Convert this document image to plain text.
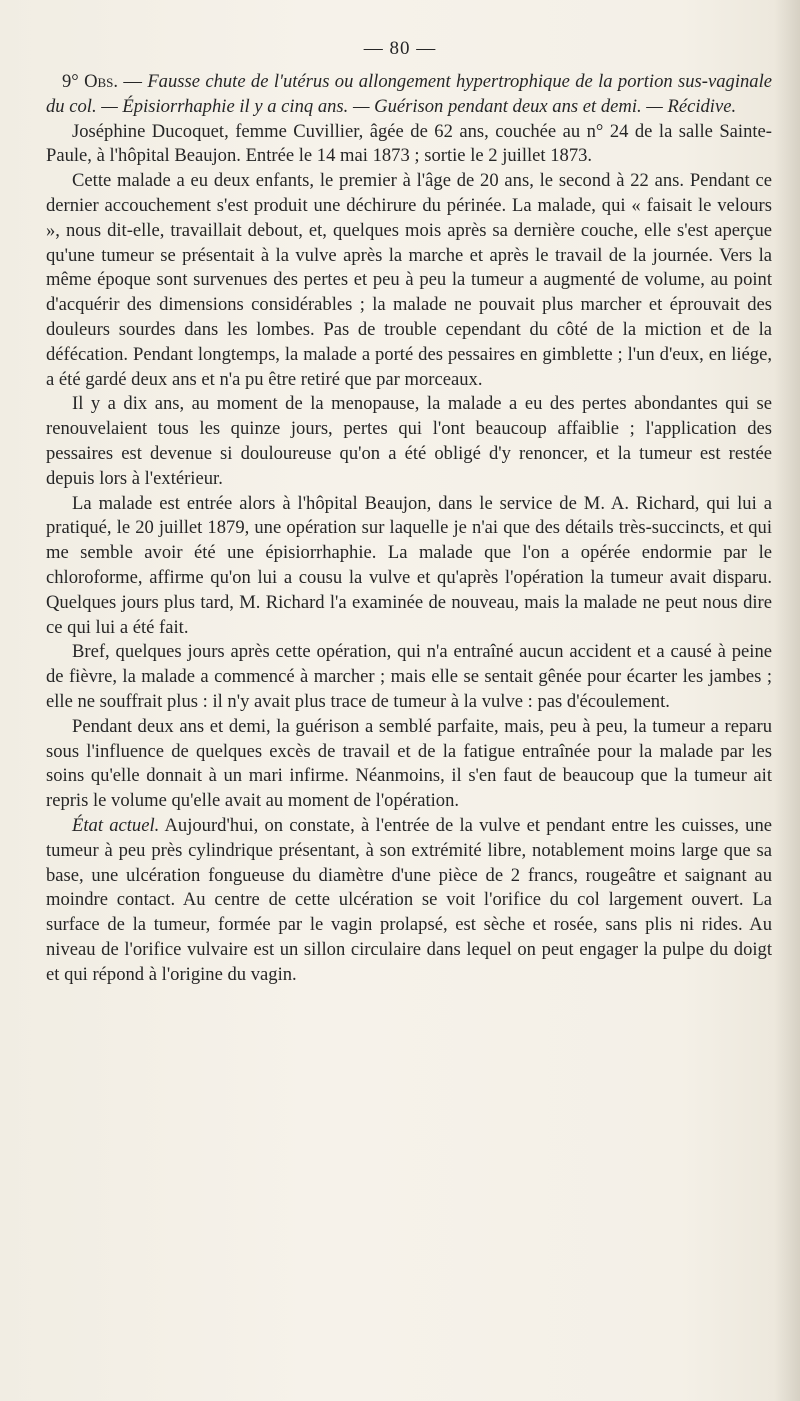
— 80 —

9° Obs. — Fausse chute de l'utérus ou allongement hypertrophique de la portion sus-vaginale du col. — Épisiorrhaphie il y a cinq ans. — Guérison pendant deux ans et demi. — Récidive.

Joséphine Ducoquet, femme Cuvillier, âgée de 62 ans, couchée au n° 24 de la salle Sainte-Paule, à l'hôpital Beaujon. Entrée le 14 mai 1873 ; sortie le 2 juillet 1873.

Cette malade a eu deux enfants, le premier à l'âge de 20 ans, le second à 22 ans. Pendant ce dernier accouchement s'est produit une déchirure du périnée. La malade, qui « faisait le velours », nous dit-elle, travaillait debout, et, quelques mois après sa dernière couche, elle s'est aperçue qu'une tumeur se présentait à la vulve après la marche et après le travail de la journée. Vers la même époque sont survenues des pertes et peu à peu la tumeur a augmenté de volume, au point d'acquérir des dimensions considérables ; la malade ne pouvait plus marcher et éprouvait des douleurs sourdes dans les lombes. Pas de trouble cependant du côté de la miction et de la défécation. Pendant longtemps, la malade a porté des pessaires en gimblette ; l'un d'eux, en liége, a été gardé deux ans et n'a pu être retiré que par morceaux.

Il y a dix ans, au moment de la menopause, la malade a eu des pertes abondantes qui se renouvelaient tous les quinze jours, pertes qui l'ont beaucoup affaiblie ; l'application des pessaires est devenue si douloureuse qu'on a été obligé d'y renoncer, et la tumeur est restée depuis lors à l'extérieur.

La malade est entrée alors à l'hôpital Beaujon, dans le service de M. A. Richard, qui lui a pratiqué, le 20 juillet 1879, une opération sur laquelle je n'ai que des détails très-succincts, et qui me semble avoir été une épisiorrhaphie. La malade que l'on a opérée endormie par le chloroforme, affirme qu'on lui a cousu la vulve et qu'après l'opération la tumeur avait disparu. Quelques jours plus tard, M. Richard l'a examinée de nouveau, mais la malade ne peut nous dire ce qui lui a été fait.

Bref, quelques jours après cette opération, qui n'a entraîné aucun accident et a causé à peine de fièvre, la malade a commencé à marcher ; mais elle se sentait gênée pour écarter les jambes ; elle ne souffrait plus : il n'y avait plus trace de tumeur à la vulve : pas d'écoulement.

Pendant deux ans et demi, la guérison a semblé parfaite, mais, peu à peu, la tumeur a reparu sous l'influence de quelques excès de travail et de la fatigue entraînée pour la malade par les soins qu'elle donnait à un mari infirme. Néanmoins, il s'en faut de beaucoup que la tumeur ait repris le volume qu'elle avait au moment de l'opération.

État actuel. Aujourd'hui, on constate, à l'entrée de la vulve et pendant entre les cuisses, une tumeur à peu près cylindrique présentant, à son extrémité libre, notablement moins large que sa base, une ulcération fongueuse du diamètre d'une pièce de 2 francs, rougeâtre et saignant au moindre contact. Au centre de cette ulcération se voit l'orifice du col largement ouvert. La surface de la tumeur, formée par le vagin prolapsé, est sèche et rosée, sans plis ni rides. Au niveau de l'orifice vulvaire est un sillon circulaire dans lequel on peut engager la pulpe du doigt et qui répond à l'origine du vagin.
